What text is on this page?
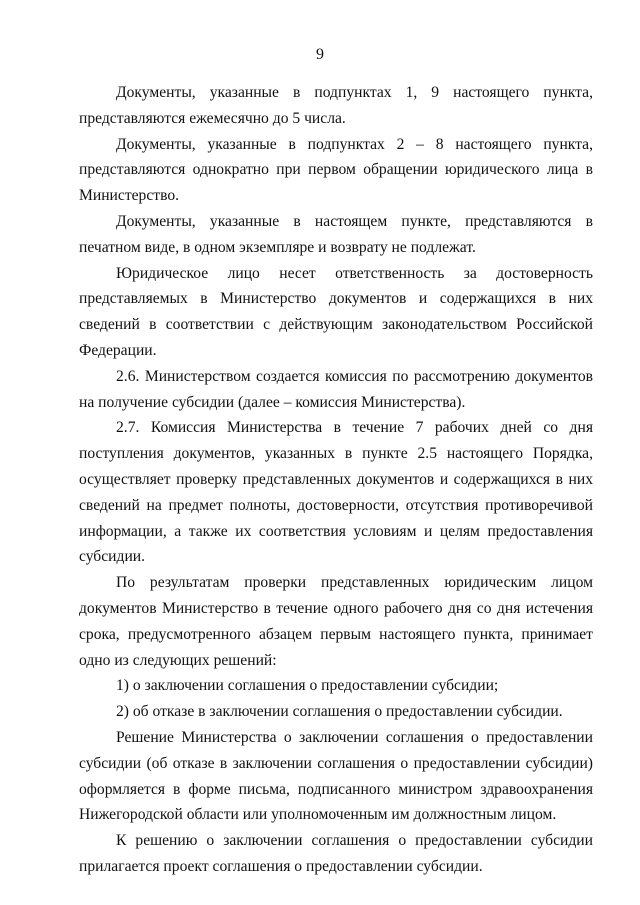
9

Документы, указанные в подпунктах 1, 9 настоящего пункта, представляются ежемесячно до 5 числа.

Документы, указанные в подпунктах 2 – 8 настоящего пункта, представляются однократно при первом обращении юридического лица в Министерство.

Документы, указанные в настоящем пункте, представляются в печатном виде, в одном экземпляре и возврату не подлежат.

Юридическое лицо несет ответственность за достоверность представляемых в Министерство документов и содержащихся в них сведений в соответствии с действующим законодательством Российской Федерации.

2.6. Министерством создается комиссия по рассмотрению документов на получение субсидии (далее – комиссия Министерства).

2.7. Комиссия Министерства в течение 7 рабочих дней со дня поступления документов, указанных в пункте 2.5 настоящего Порядка, осуществляет проверку представленных документов и содержащихся в них сведений на предмет полноты, достоверности, отсутствия противоречивой информации, а также их соответствия условиям и целям предоставления субсидии.

По результатам проверки представленных юридическим лицом документов Министерство в течение одного рабочего дня со дня истечения срока, предусмотренного абзацем первым настоящего пункта, принимает одно из следующих решений:

1) о заключении соглашения о предоставлении субсидии;

2) об отказе в заключении соглашения о предоставлении субсидии.

Решение Министерства о заключении соглашения о предоставлении субсидии (об отказе в заключении соглашения о предоставлении субсидии) оформляется в форме письма, подписанного министром здравоохранения Нижегородской области или уполномоченным им должностным лицом.

К решению о заключении соглашения о предоставлении субсидии прилагается проект соглашения о предоставлении субсидии.
